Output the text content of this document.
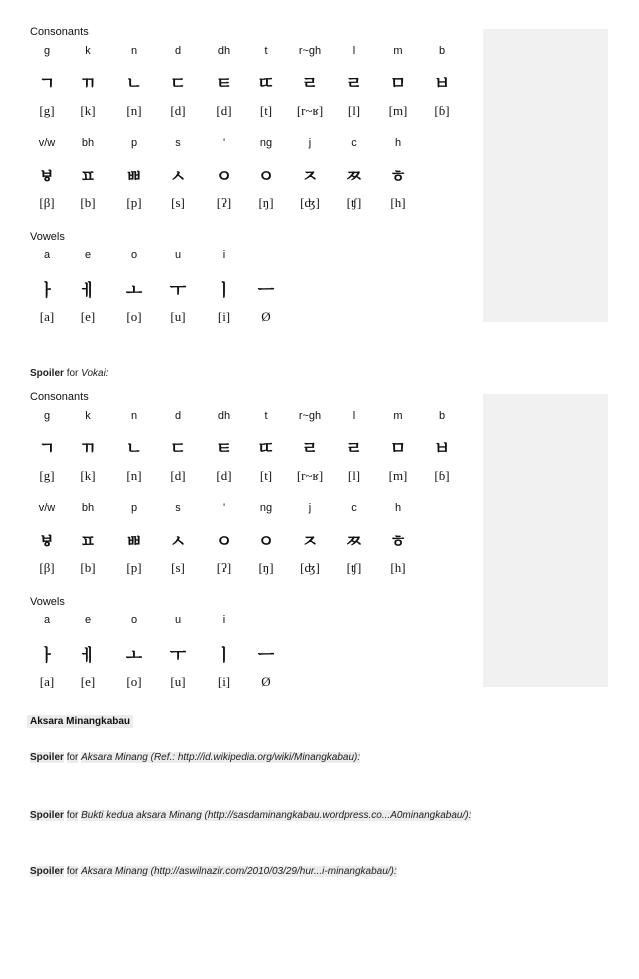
Consonants
g	k	n	d	dh	t	r~gh	l	m	b
ㄱ	ㄲ	ㄴ	ㄷ	ㅌ	ㄸ	ㄹ	ㄹ	ㅁ	ㅂ
[g]	[k]	[n]	[d]	[d]	[t]	[r~ʁ]	[l]	[m]	[ɓ]
v/w	bh	p	s	'	ng	j	c	h
ㅸ	ㅍ	ㅃ	ㅅ	ㅇ	ㅇ	ㅈ	ㅉ	ㅎ
[β]	[b]	[p]	[s]	[ʔ]	[ŋ]	[ʤ]	[ʧ]	[h]
Vowels
a	e	o	u	i
ㅏ	ㅔ	ㅗ	ㅜ	ㅣ	ㅡ
[a]	[e]	[o]	[u]	[i]	Ø
Spoiler for Vokai:
Consonants
g	k	n	d	dh	t	r~gh	l	m	b
ㄱ	ㄲ	ㄴ	ㄷ	ㅌ	ㄸ	ㄹ	ㄹ	ㅁ	ㅂ
[g]	[k]	[n]	[d]	[d]	[t]	[r~ʁ]	[l]	[m]	[ɓ]
v/w	bh	p	s	'	ng	j	c	h
ㅸ	ㅍ	ㅃ	ㅅ	ㅇ	ㅇ	ㅈ	ㅉ	ㅎ
[β]	[b]	[p]	[s]	[ʔ]	[ŋ]	[ʤ]	[ʧ]	[h]
Vowels
a	e	o	u	i
ㅏ	ㅔ	ㅗ	ㅜ	ㅣ	ㅡ
[a]	[e]	[o]	[u]	[i]	Ø
Aksara Minangkabau
Spoiler for Aksara Minang (Ref.: http://id.wikipedia.org/wiki/Minangkabau):
Spoiler for Bukti kedua aksara Minang (http://sasdaminangkabau.wordpress.co...A0minangkabau/):
Spoiler for Aksara Minang (http://aswilnazir.com/2010/03/29/hur...i-minangkabau/):
